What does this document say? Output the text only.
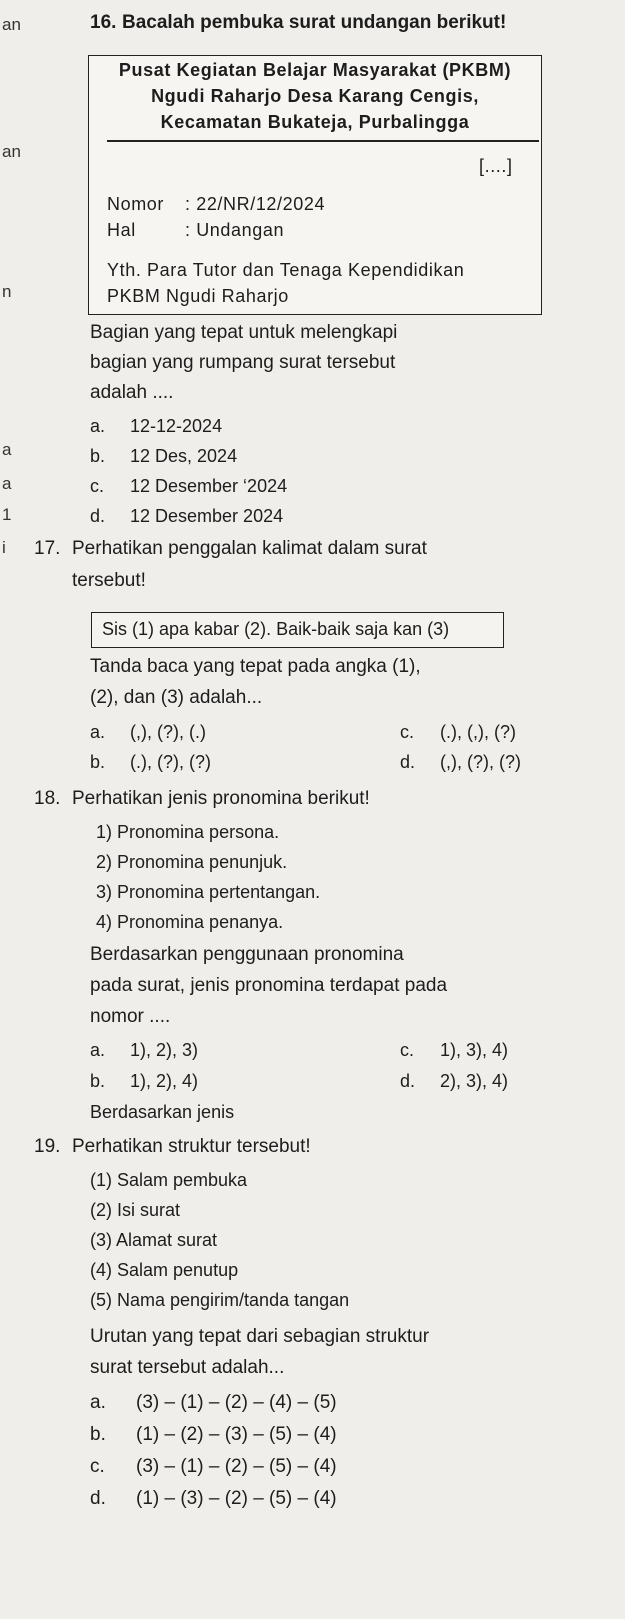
an
an
n
a
a
1
i
16. Bacalah pembuka surat undangan berikut!
Pusat Kegiatan Belajar Masyarakat (PKBM)
Ngudi Raharjo Desa Karang Cengis,
Kecamatan Bukateja, Purbalingga
[....]
Nomor : 22/NR/12/2024
Hal	: Undangan
Yth. Para Tutor dan Tenaga Kependidikan
PKBM Ngudi Raharjo
Bagian yang tepat untuk melengkapi
bagian yang rumpang surat tersebut
adalah ....
a. 12-12-2024
b. 12 Des, 2024
c. 12 Desember ‘2024
d. 12 Desember 2024
17. Perhatikan penggalan kalimat dalam surat
tersebut!
Sis (1) apa kabar (2). Baik-baik saja kan (3)
Tanda baca yang tepat pada angka (1),
(2), dan (3) adalah...
a. (,), (?), (.)
b. (.), (?), (?)
c. (.), (,), (?)
d. (,), (?), (?)
18. Perhatikan jenis pronomina berikut!
1) Pronomina persona.
2) Pronomina penunjuk.
3) Pronomina pertentangan.
4) Pronomina penanya.
Berdasarkan penggunaan pronomina
pada surat, jenis pronomina terdapat pada
nomor ....
a. 1), 2), 3)
b. 1), 2), 4)
c. 1), 3), 4)
d. 2), 3), 4)
Berdasarkan jenis
19. Perhatikan struktur tersebut!
(1) Salam pembuka
(2) Isi surat
(3) Alamat surat
(4) Salam penutup
(5) Nama pengirim/tanda tangan
Urutan yang tepat dari sebagian struktur
surat tersebut adalah...
a. (3) – (1) – (2) – (4) – (5)
b. (1) – (2) – (3) – (5) – (4)
c. (3) – (1) – (2) – (5) – (4)
d. (1) – (3) – (2) – (5) – (4)
